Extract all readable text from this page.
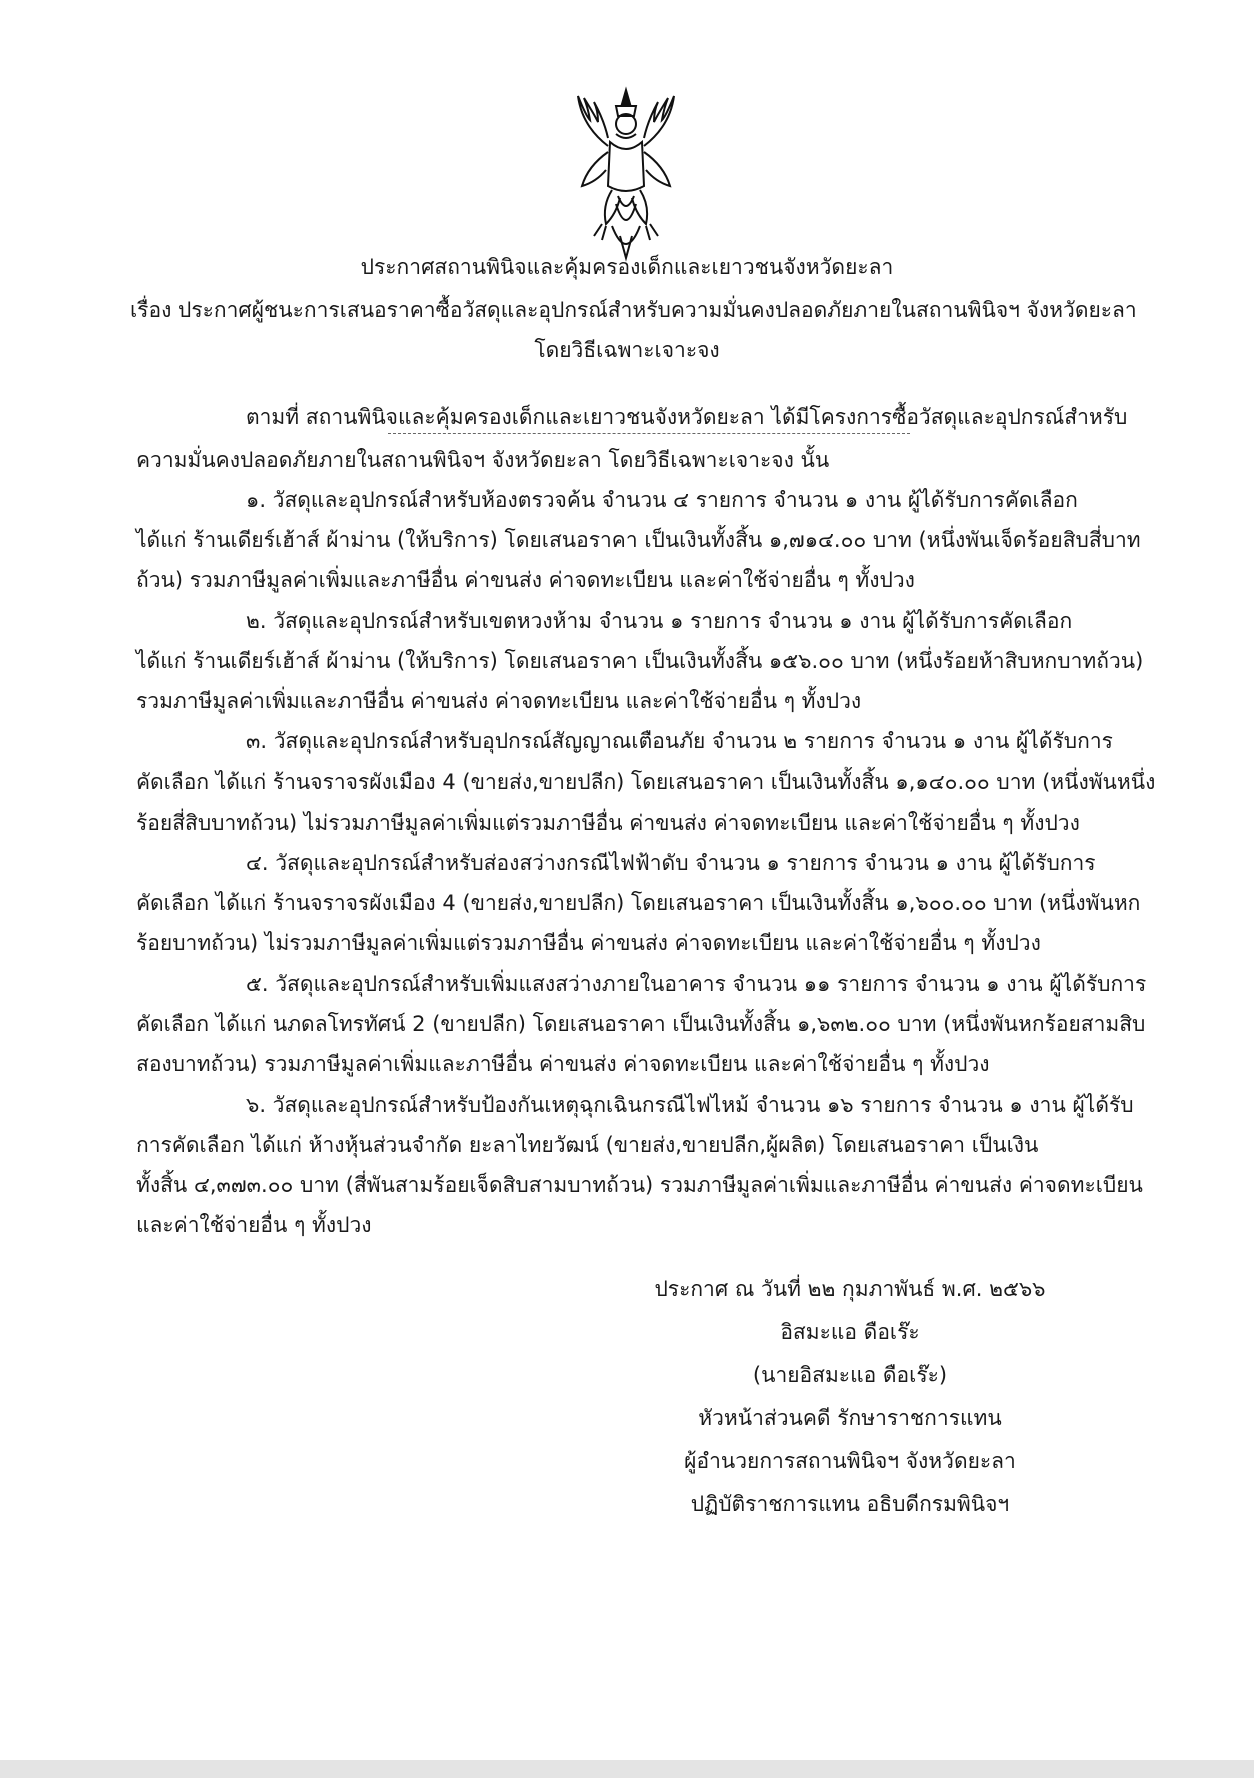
ประกาศสถานพินิจและคุ้มครองเด็กและเยาวชนจังหวัดยะลา
เรื่อง ประกาศผู้ชนะการเสนอราคาซื้อวัสดุและอุปกรณ์สำหรับความมั่นคงปลอดภัยภายในสถานพินิจฯ จังหวัดยะลา
โดยวิธีเฉพาะเจาะจง
ตามที่ สถานพินิจและคุ้มครองเด็กและเยาวชนจังหวัดยะลา ได้มีโครงการซื้อวัสดุและอุปกรณ์สำหรับ
ความมั่นคงปลอดภัยภายในสถานพินิจฯ จังหวัดยะลา โดยวิธีเฉพาะเจาะจง นั้น
๑. วัสดุและอุปกรณ์สำหรับห้องตรวจค้น จำนวน ๔ รายการ จำนวน ๑ งาน ผู้ได้รับการคัดเลือก
ได้แก่ ร้านเดียร์เฮ้าส์ ผ้าม่าน (ให้บริการ) โดยเสนอราคา เป็นเงินทั้งสิ้น ๑,๗๑๔.๐๐ บาท (หนึ่งพันเจ็ดร้อยสิบสี่บาท
ถ้วน) รวมภาษีมูลค่าเพิ่มและภาษีอื่น ค่าขนส่ง ค่าจดทะเบียน และค่าใช้จ่ายอื่น ๆ ทั้งปวง
๒. วัสดุและอุปกรณ์สำหรับเขตหวงห้าม จำนวน ๑ รายการ จำนวน ๑ งาน ผู้ได้รับการคัดเลือก
ได้แก่ ร้านเดียร์เฮ้าส์ ผ้าม่าน (ให้บริการ) โดยเสนอราคา เป็นเงินทั้งสิ้น ๑๕๖.๐๐ บาท (หนึ่งร้อยห้าสิบหกบาทถ้วน)
รวมภาษีมูลค่าเพิ่มและภาษีอื่น ค่าขนส่ง ค่าจดทะเบียน และค่าใช้จ่ายอื่น ๆ ทั้งปวง
๓. วัสดุและอุปกรณ์สำหรับอุปกรณ์สัญญาณเตือนภัย จำนวน ๒ รายการ จำนวน ๑ งาน ผู้ได้รับการ
คัดเลือก ได้แก่ ร้านจราจรผังเมือง 4 (ขายส่ง,ขายปลีก) โดยเสนอราคา เป็นเงินทั้งสิ้น ๑,๑๔๐.๐๐ บาท (หนึ่งพันหนึ่ง
ร้อยสี่สิบบาทถ้วน) ไม่รวมภาษีมูลค่าเพิ่มแต่รวมภาษีอื่น ค่าขนส่ง ค่าจดทะเบียน และค่าใช้จ่ายอื่น ๆ ทั้งปวง
๔. วัสดุและอุปกรณ์สำหรับส่องสว่างกรณีไฟฟ้าดับ จำนวน ๑ รายการ จำนวน ๑ งาน ผู้ได้รับการ
คัดเลือก ได้แก่ ร้านจราจรผังเมือง 4 (ขายส่ง,ขายปลีก) โดยเสนอราคา เป็นเงินทั้งสิ้น ๑,๖๐๐.๐๐ บาท (หนึ่งพันหก
ร้อยบาทถ้วน) ไม่รวมภาษีมูลค่าเพิ่มแต่รวมภาษีอื่น ค่าขนส่ง ค่าจดทะเบียน และค่าใช้จ่ายอื่น ๆ ทั้งปวง
๕. วัสดุและอุปกรณ์สำหรับเพิ่มแสงสว่างภายในอาคาร จำนวน ๑๑ รายการ จำนวน ๑ งาน ผู้ได้รับการ
คัดเลือก ได้แก่ นภดลโทรทัศน์ 2 (ขายปลีก) โดยเสนอราคา เป็นเงินทั้งสิ้น ๑,๖๓๒.๐๐ บาท (หนึ่งพันหกร้อยสามสิบ
สองบาทถ้วน) รวมภาษีมูลค่าเพิ่มและภาษีอื่น ค่าขนส่ง ค่าจดทะเบียน และค่าใช้จ่ายอื่น ๆ ทั้งปวง
๖. วัสดุและอุปกรณ์สำหรับป้องกันเหตุฉุกเฉินกรณีไฟไหม้ จำนวน ๑๖ รายการ จำนวน ๑ งาน ผู้ได้รับ
การคัดเลือก ได้แก่ ห้างหุ้นส่วนจำกัด ยะลาไทยวัฒน์ (ขายส่ง,ขายปลีก,ผู้ผลิต) โดยเสนอราคา เป็นเงิน
ทั้งสิ้น ๔,๓๗๓.๐๐ บาท (สี่พันสามร้อยเจ็ดสิบสามบาทถ้วน) รวมภาษีมูลค่าเพิ่มและภาษีอื่น ค่าขนส่ง ค่าจดทะเบียน
และค่าใช้จ่ายอื่น ๆ ทั้งปวง
ประกาศ ณ วันที่ ๒๒ กุมภาพันธ์ พ.ศ. ๒๕๖๖
อิสมะแอ ดือเร๊ะ
(นายอิสมะแอ ดือเร๊ะ)
หัวหน้าส่วนคดี รักษาราชการแทน
ผู้อำนวยการสถานพินิจฯ จังหวัดยะลา
ปฏิบัติราชการแทน อธิบดีกรมพินิจฯ
